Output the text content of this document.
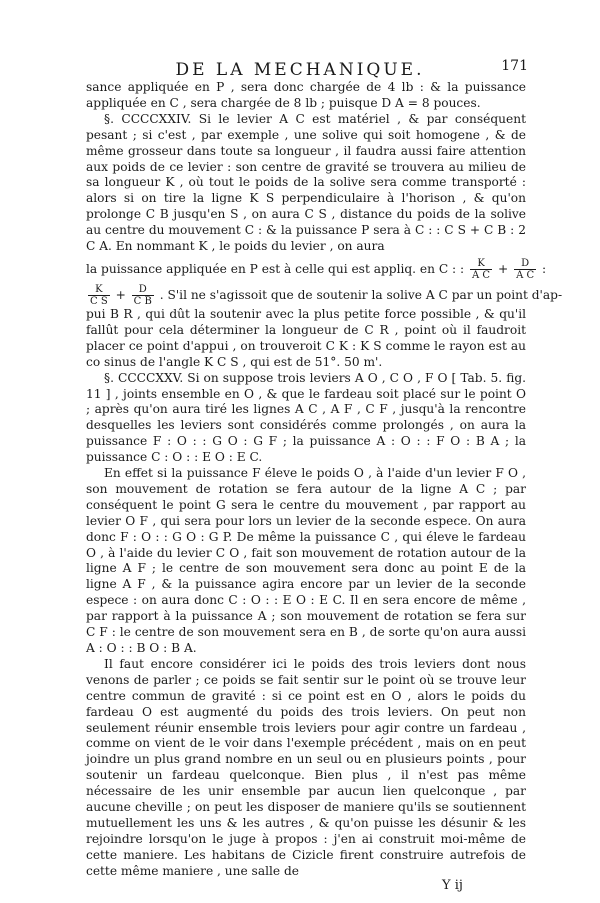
DE LA MECHANIQUE.	171

sance appliquée en P , sera donc chargée de 4 lb : & la puissance appliquée en C , sera chargée de 8 lb ; puisque D A = 8 pouces.

§. CCCCXXIV. Si le levier A C est matériel , & par conséquent pesant ; si c'est , par exemple , une solive qui soit homogene , & de même grosseur dans toute sa longueur , il faudra aussi faire attention aux poids de ce levier : son centre de gravité se trouvera au milieu de sa longueur K , où tout le poids de la solive sera comme transporté : alors si on tire la ligne K S perpendiculaire à l'horison , & qu'on prolonge C B jusqu'en S , on aura C S , distance du poids de la solive au centre du mouvement C : & la puissance P sera à C : : C S + C B : 2 C A. En nommant K , le poids du levier , on aura

la puissance appliquée en P est à celle qui est appliq. en C : : $\frac{K}{\text{A C}} + \frac{D}{\text{A C}}$ :

$\frac{K}{\text{C S}} + \frac{D}{\text{C B}}$ . S'il ne s'agissoit que de soutenir la solive A C par un point d'ap-

pui B R , qui dût la soutenir avec la plus petite force possible , & qu'il fallût pour cela déterminer la longueur de C R , point où il faudroit placer ce point d'appui , on trouveroit C K : K S comme le rayon est au co sinus de l'angle K C S , qui est de 51°. 50 m'.

§. CCCCXXV. Si on suppose trois leviers A O , C O , F O [ Tab. 5. fig. 11 ] , joints ensemble en O , & que le fardeau soit placé sur le point O ; après qu'on aura tiré les lignes A C , A F , C F , jusqu'à la rencontre desquelles les leviers sont considérés comme prolongés , on aura la puissance F : O : : G O : G F ; la puissance A : O : : F O : B A ; la puissance C : O : : E O : E C.

En effet si la puissance F éleve le poids O , à l'aide d'un levier F O , son mouvement de rotation se fera autour de la ligne A C ; par conséquent le point G sera le centre du mouvement , par rapport au levier O F , qui sera pour lors un levier de la seconde espece. On aura donc F : O : : G O : G P. De même la puissance C , qui éleve le fardeau O , à l'aide du levier C O , fait son mouvement de rotation autour de la ligne A F ; le centre de son mouvement sera donc au point E de la ligne A F , & la puissance agira encore par un levier de la seconde espece : on aura donc C : O : : E O : E C. Il en sera encore de même , par rapport à la puissance A ; son mouvement de rotation se fera sur C F : le centre de son mouvement sera en B , de sorte qu'on aura aussi A : O : : B O : B A.

Il faut encore considérer ici le poids des trois leviers dont nous venons de parler ; ce poids se fait sentir sur le point où se trouve leur centre commun de gravité : si ce point est en O , alors le poids du fardeau O est augmenté du poids des trois leviers. On peut non seulement réunir ensemble trois leviers pour agir contre un fardeau , comme on vient de le voir dans l'exemple précédent , mais on en peut joindre un plus grand nombre en un seul ou en plusieurs points , pour soutenir un fardeau quelconque. Bien plus , il n'est pas même nécessaire de les unir ensemble par aucun lien quelconque , par aucune cheville ; on peut les disposer de maniere qu'ils se soutiennent mutuellement les uns & les autres , & qu'on puisse les désunir & les rejoindre lorsqu'on le juge à propos : j'en ai construit moi-même de cette maniere. Les habitans de Cizicle firent construire autrefois de cette même maniere , une salle de

Y ij
